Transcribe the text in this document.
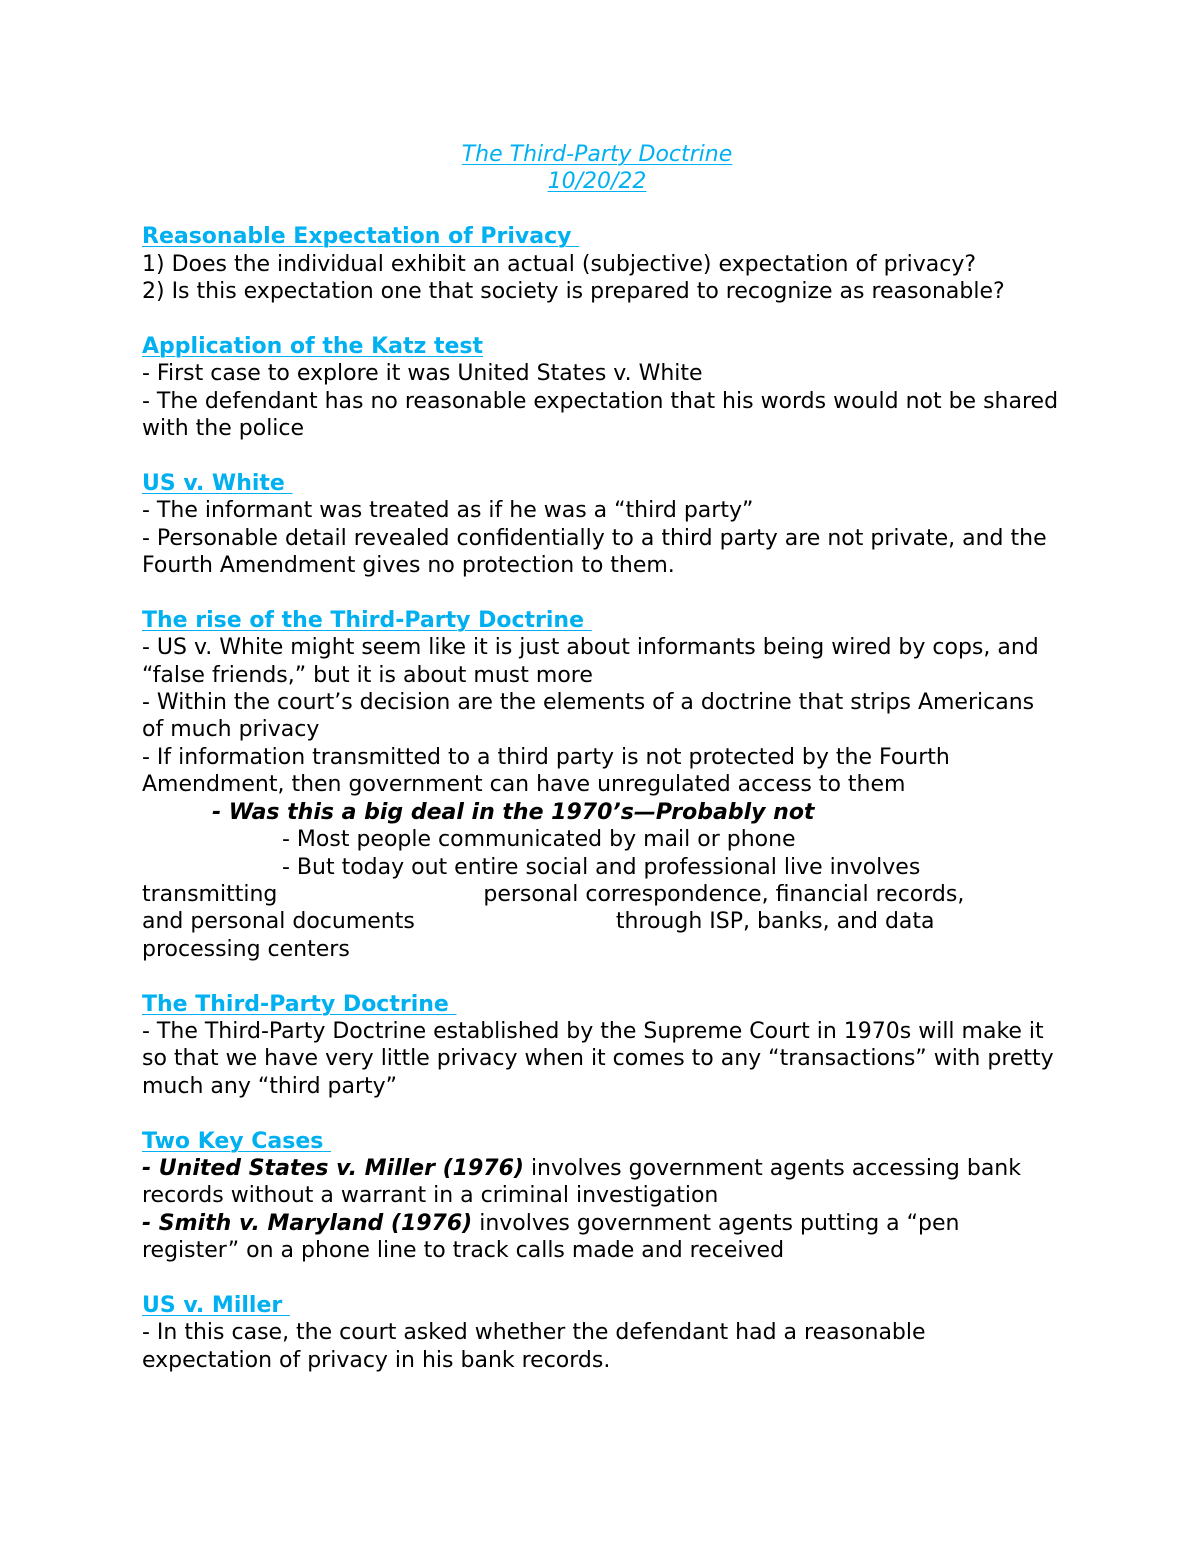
The Third-Party Doctrine
10/20/22
Reasonable Expectation of Privacy
1) Does the individual exhibit an actual (subjective) expectation of privacy?
2) Is this expectation one that society is prepared to recognize as reasonable?
Application of the Katz test
- First case to explore it was United States v. White
- The defendant has no reasonable expectation that his words would not be shared with the police
US v. White
- The informant was treated as if he was a “third party”
- Personable detail revealed confidentially to a third party are not private, and the Fourth Amendment gives no protection to them.
The rise of the Third-Party Doctrine
- US v. White might seem like it is just about informants being wired by cops, and “false friends,” but it is about must more
- Within the court’s decision are the elements of a doctrine that strips Americans of much privacy
- If information transmitted to a third party is not protected by the Fourth Amendment, then government can have unregulated access to them
- Was this a big deal in the 1970’s—Probably not
- Most people communicated by mail or phone
- But today out entire social and professional live involves
transmitting	personal correspondence, financial records,
and personal documents	through ISP, banks, and data
processing centers
The Third-Party Doctrine
- The Third-Party Doctrine established by the Supreme Court in 1970s will make it so that we have very little privacy when it comes to any “transactions” with pretty much any “third party”
Two Key Cases
- United States v. Miller (1976) involves government agents accessing bank records without a warrant in a criminal investigation
- Smith v. Maryland (1976) involves government agents putting a “pen register” on a phone line to track calls made and received
US v. Miller
- In this case, the court asked whether the defendant had a reasonable expectation of privacy in his bank records.
